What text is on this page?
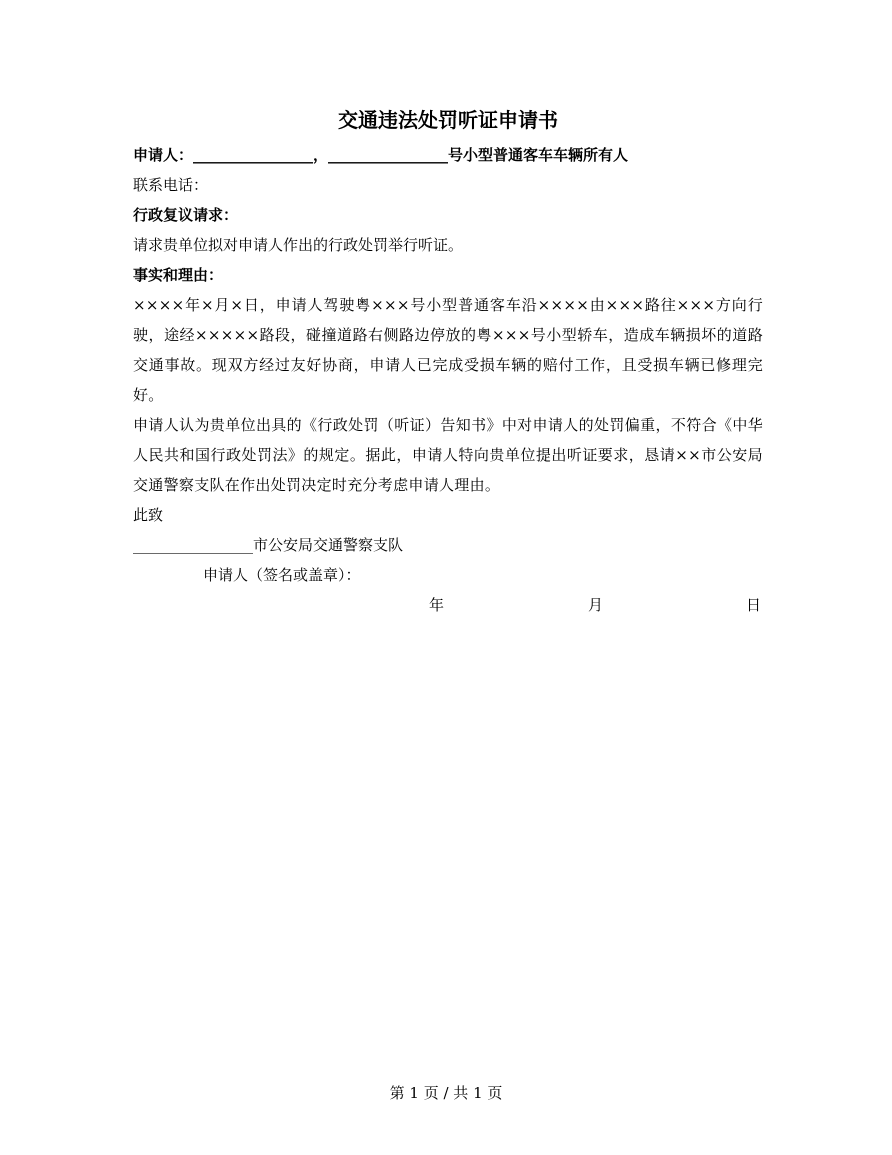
交通违法处罚听证申请书

申请人：________________，________________号小型普通客车车辆所有人

联系电话：

行政复议请求：

请求贵单位拟对申请人作出的行政处罚举行听证。

事实和理由：

××××年×月×日，申请人驾驶粤×××号小型普通客车沿××××由×××路往×××方向行驶，途经×××××路段，碰撞道路右侧路边停放的粤×××号小型轿车，造成车辆损坏的道路交通事故。现双方经过友好协商，申请人已完成受损车辆的赔付工作，且受损车辆已修理完好。

申请人认为贵单位出具的《行政处罚（听证）告知书》中对申请人的处罚偏重，不符合《中华人民共和国行政处罚法》的规定。据此，申请人特向贵单位提出听证要求，恳请××市公安局交通警察支队在作出处罚决定时充分考虑申请人理由。

此致

________________市公安局交通警察支队

申请人（签名或盖章）：

年	月	日
第 1 页 / 共 1 页
